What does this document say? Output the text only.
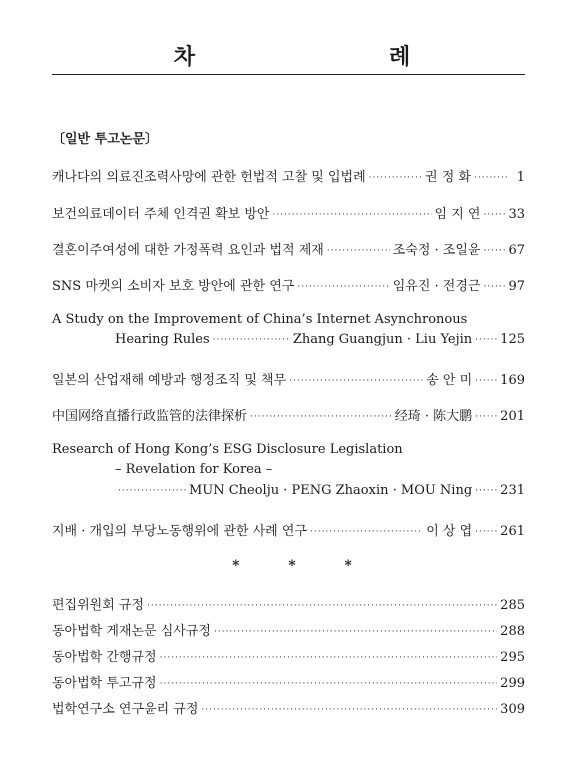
차　　례
〔일반 투고논문〕
캐나다의 의료진조력사망에 관한 헌법적 고찰 및 입법례 ·····	권 정 화 ·····	1
보건의료데이터 주체 인격권 확보 방안 ·····	임 지 연 ····· 33
결혼이주여성에 대한 가정폭력 요인과 법적 제재 ·····	조숙정 · 조일윤 ····· 67
SNS 마켓의 소비자 보호 방안에 관한 연구 ·····	임유진 · 전경근 ····· 97
A Study on the Improvement of China’s Internet Asynchronous
Hearing Rules ·····	Zhang Guangjun · Liu Yejin ····· 125
일본의 산업재해 예방과 행정조직 및 책무 ·····	송 안 미 ····· 169
中国网络直播行政监管的法律探析 ·····	经琦 · 陈大鹏 ····· 201
Research of Hong Kong’s ESG Disclosure Legislation
– Revelation for Korea –
·····
MUN Cheolju · PENG Zhaoxin · MOU Ning ····· 231
지배 · 개입의 부당노동행위에 관한 사례 연구 ·····	이 상 엽 ····· 261
* * *
편집위원회 규정 ·····	285
동아법학 게재논문 심사규정 ·····	288
동아법학 간행규정 ·····	295
동아법학 투고규정 ·····	299
법학연구소 연구윤리 규정 ·····	309
